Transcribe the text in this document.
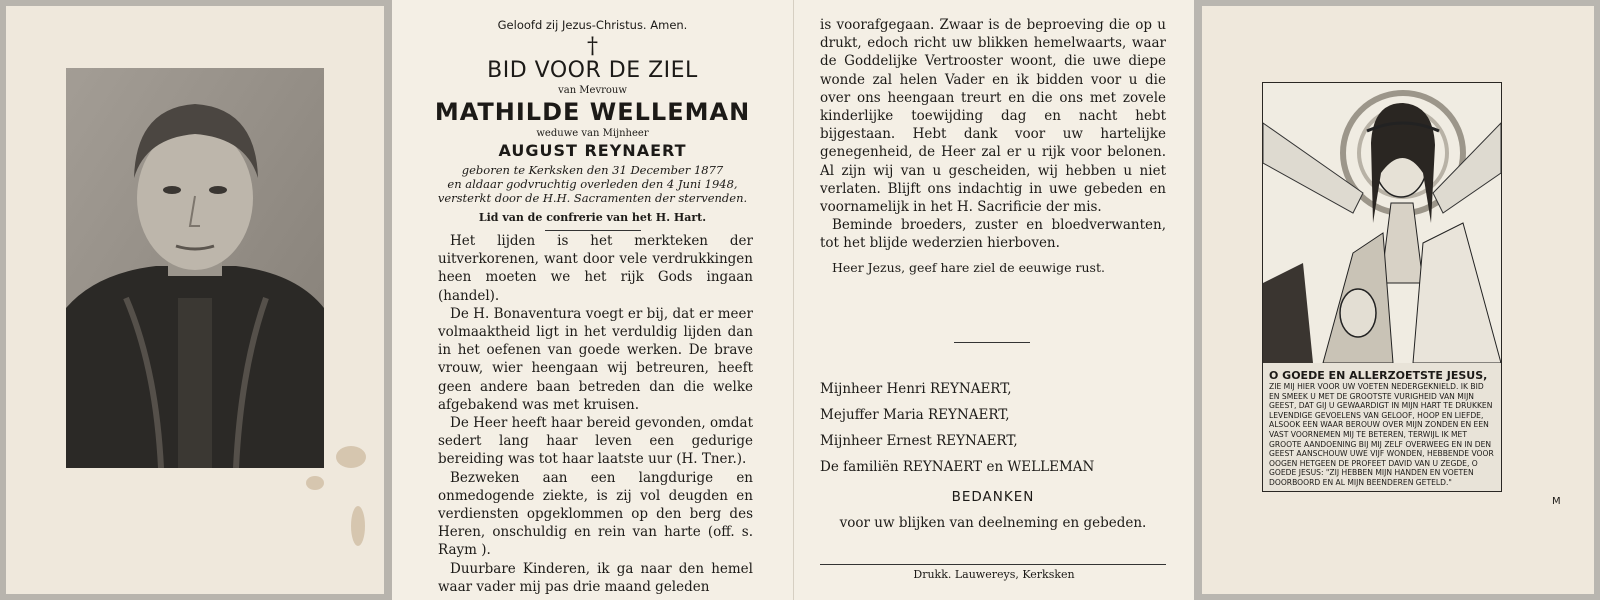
Geloofd zij Jezus-Christus. Amen.
†
BID VOOR DE ZIEL
van Mevrouw
MATHILDE WELLEMAN
weduwe van Mijnheer
AUGUST REYNAERT
geboren te Kerksken den 31 December 1877
en aldaar godvruchtig overleden den 4 Juni 1948,
versterkt door de H.H. Sacramenten der stervenden.
Lid van de confrerie van het H. Hart.

Het lijden is het merkteken der uitverkorenen, want door vele verdrukkingen heen moeten we het rijk Gods ingaan (handel).

De H. Bonaventura voegt er bij, dat er meer volmaaktheid ligt in het verduldig lijden dan in het oefenen van goede werken. De brave vrouw, wier heengaan wij betreuren, heeft geen andere baan betreden dan die welke afgebakend was met kruisen.

De Heer heeft haar bereid gevonden, omdat sedert lang haar leven een gedurige bereiding was tot haar laatste uur (H. Tner.).

Bezweken aan een langdurige en onmedogende ziekte, is zij vol deugden en verdiensten opgeklommen op den berg des Heren, onschuldig en rein van harte (off. s. Raym ).

Duurbare Kinderen, ik ga naar den hemel waar vader mij pas drie maand geleden

is voorafgegaan. Zwaar is de beproeving die op u drukt, edoch richt uw blikken hemelwaarts, waar de Goddelijke Vertrooster woont, die uwe diepe wonde zal helen Vader en ik bidden voor u die over ons heengaan treurt en die ons met zovele kinderlijke toewijding dag en nacht hebt bijgestaan. Hebt dank voor uw hartelijke genegenheid, de Heer zal er u rijk voor belonen. Al zijn wij van u gescheiden, wij hebben u niet verlaten. Blijft ons indachtig in uwe gebeden en voornamelijk in het H. Sacrificie der mis.

Beminde broeders, zuster en bloedverwanten, tot het blijde wederzien hierboven.

Heer Jezus, geef hare ziel de eeuwige rust.

Mijnheer Henri REYNAERT,
Mejuffer Maria REYNAERT,
Mijnheer Ernest REYNAERT,
De familiën REYNAERT en WELLEMAN
BEDANKEN
voor uw blijken van deelneming en gebeden.
Drukk. Lauwereys, Kerksken
O GOEDE EN ALLERZOETSTE JESUS,
ZIE MIJ HIER VOOR UW VOETEN NEDERGEKNIELD. IK BID EN SMEEK U MET DE GROOTSTE VURIGHEID VAN MIJN GEEST, DAT GIJ U GEWAARDIGT IN MIJN HART TE DRUKKEN LEVENDIGE GEVOELENS VAN GELOOF, HOOP EN LIEFDE, ALSOOK EEN WAAR BEROUW OVER MIJN ZONDEN EN EEN VAST VOORNEMEN MIJ TE BETEREN, TERWIJL IK MET GROOTE AANDOENING BIJ MIJ ZELF OVERWEEG EN IN DEN GEEST AANSCHOUW UWE VIJF WONDEN, HEBBENDE VOOR OOGEN HETGEEN DE PROFEET DAVID VAN U ZEGDE, O GOEDE JESUS: "ZIJ HEBBEN MIJN HANDEN EN VOETEN DOORBOORD EN AL MIJN BEENDEREN GETELD."
M
